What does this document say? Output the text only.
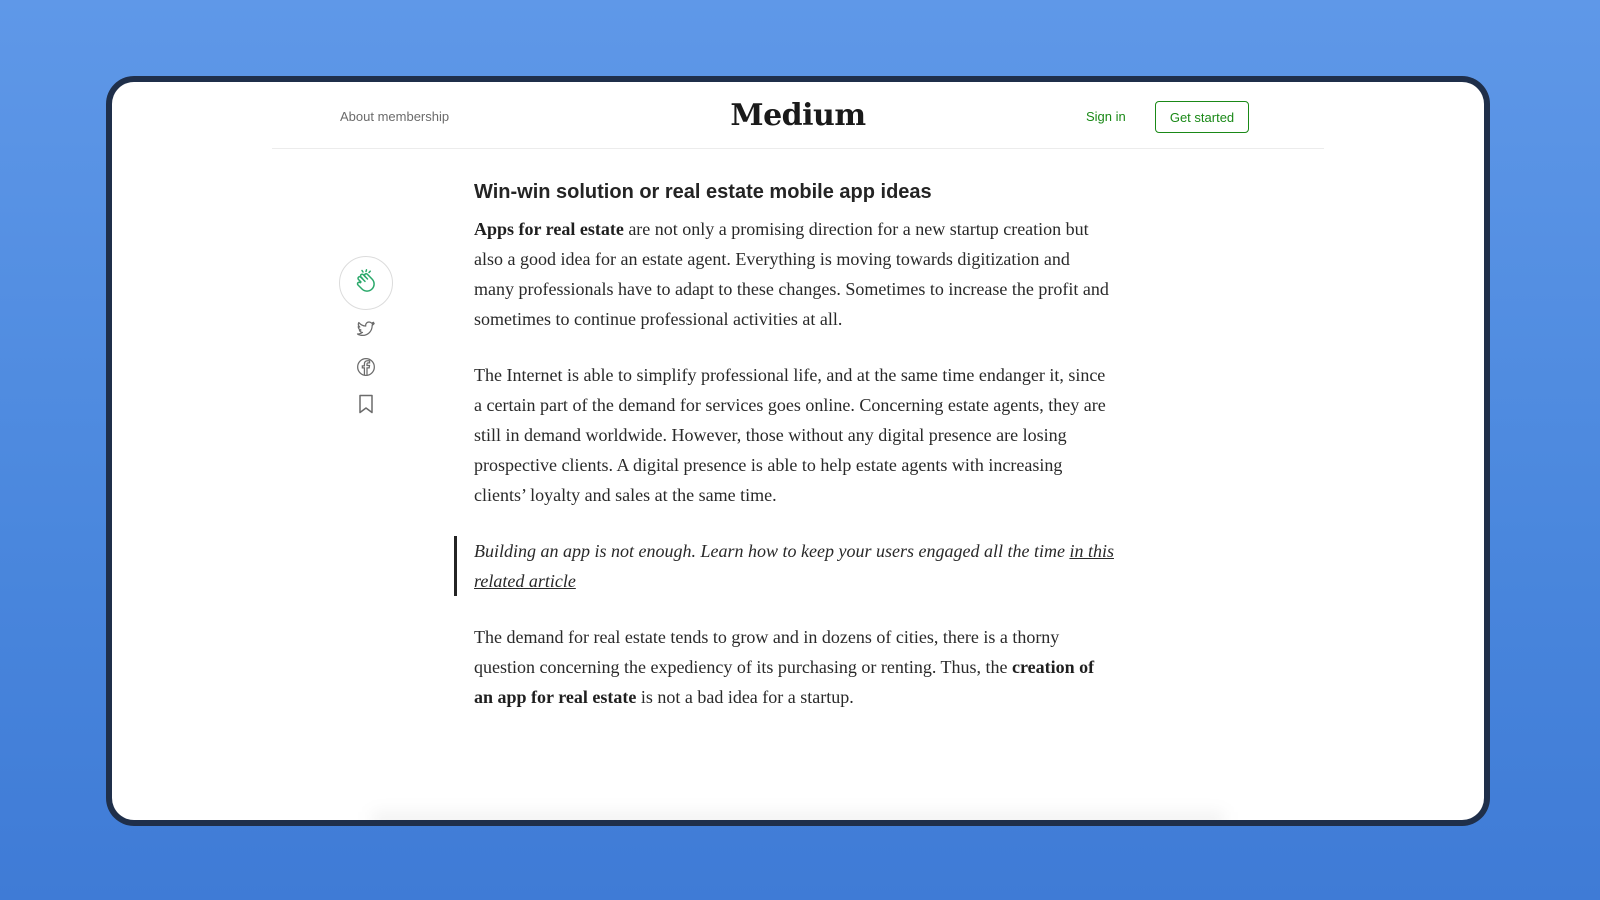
About membership	Medium	Sign in	Get started
Win-win solution or real estate mobile app ideas

Apps for real estate are not only a promising direction for a new startup creation but also a good idea for an estate agent. Everything is moving towards digitization and many professionals have to adapt to these changes. Sometimes to increase the profit and sometimes to continue professional activities at all.

The Internet is able to simplify professional life, and at the same time endanger it, since a certain part of the demand for services goes online. Concerning estate agents, they are still in demand worldwide. However, those without any digital presence are losing prospective clients. A digital presence is able to help estate agents with increasing clients’ loyalty and sales at the same time.

Building an app is not enough. Learn how to keep your users engaged all the time in this related article

The demand for real estate tends to grow and in dozens of cities, there is a thorny question concerning the expediency of its purchasing or renting. Thus, the creation of an app for real estate is not a bad idea for a startup.
